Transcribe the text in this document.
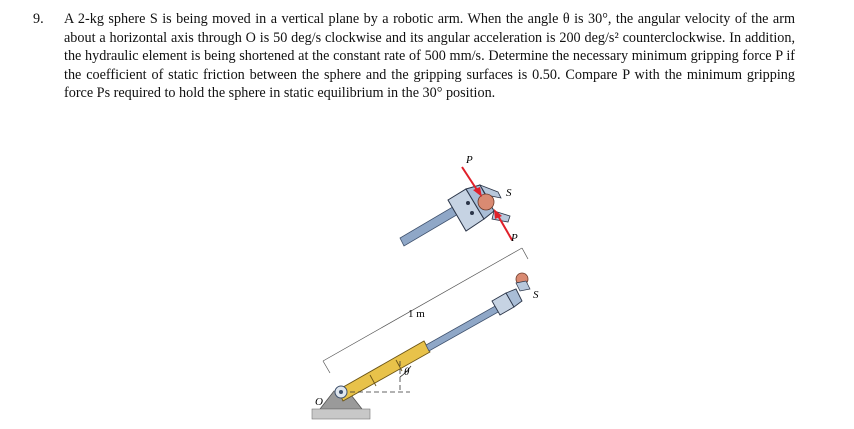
9. A 2-kg sphere S is being moved in a vertical plane by a robotic arm. When the angle θ is 30°, the angular velocity of the arm about a horizontal axis through O is 50 deg/s clockwise and its angular acceleration is 200 deg/s² counterclockwise. In addition, the hydraulic element is being shortened at the constant rate of 500 mm/s. Determine the necessary minimum gripping force P if the coefficient of static friction between the sphere and the gripping surfaces is 0.50. Compare P with the minimum gripping force Ps required to hold the sphere in static equilibrium in the 30° position.
P
S
P
1 m
S
O
θ
